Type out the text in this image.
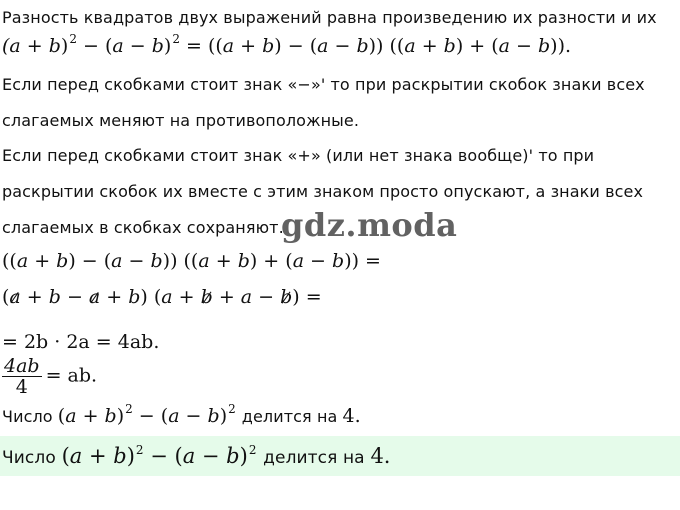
Разность квадратов двух выражений равна произведению их разности и их
$(a + b)^2 - (a - b)^2 = ((a + b) - (a - b))$ ((a + b) + (a − b)).
Если перед скобками стоит знак «−»' то при раскрытии скобок знаки всех
слагаемых меняют на противоположные.
Если перед скобками стоит знак «+» (или нет знака вообще)' то при
раскрытии скобок их вместе с этим знаком просто опускают, а знаки всех
слагаемых в скобках сохраняют.
gdz.moda
((a + b) − (a − b)) ((a + b) + (a − b)) =
(a + b − a + b) (a + b + a − b) =
= 2b · 2a = 4ab.
$\frac{4ab}{4}$ = ab.
Число $(a + b)^2 - (a - b)^2$ делится на 4.
Число $(a + b)^2 - (a - b)^2$ делится на 4.
